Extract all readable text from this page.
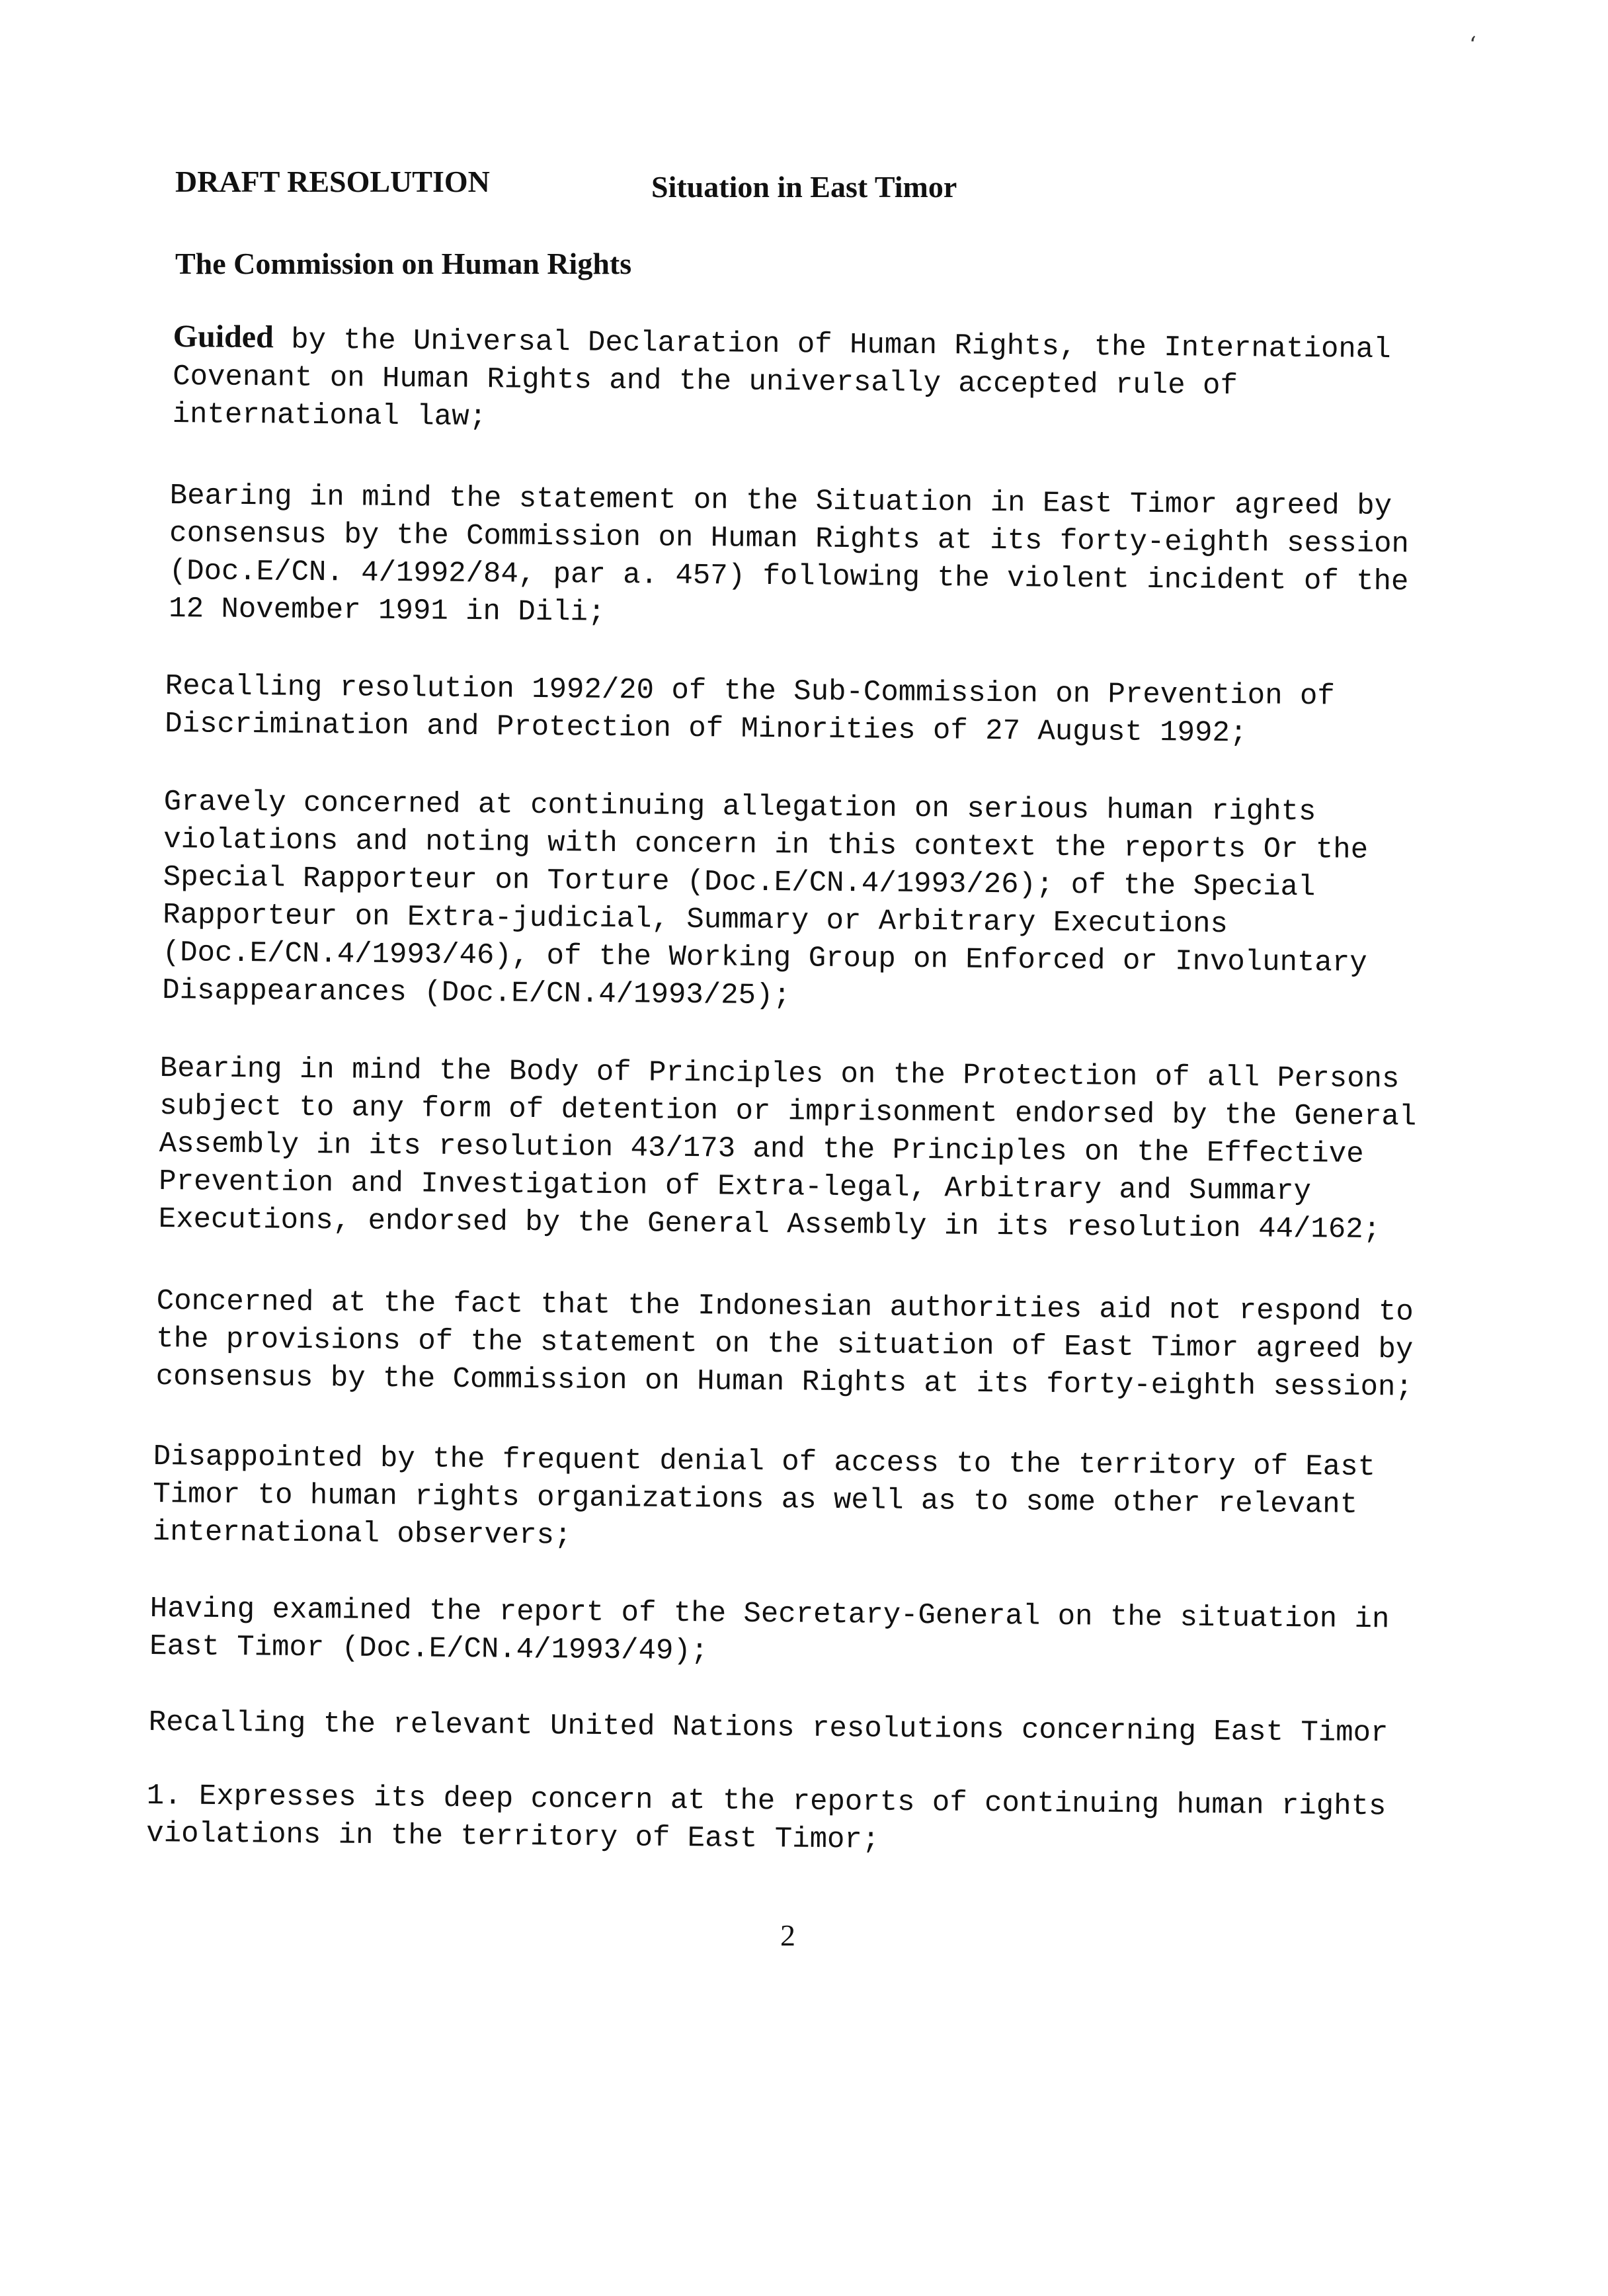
ʻ
DRAFT RESOLUTION	Situation in East Timor
The Commission on Human Rights
Guided by the Universal Declaration of Human Rights, the International
Covenant on Human Rights and the universally accepted rule of
international law;
Bearing in mind the statement on the Situation in East Timor agreed by
consensus by the Commission on Human Rights at its forty-eighth session
(Doc.E/CN. 4/1992/84, par a. 457) following the violent incident of the
12 November 1991 in Dili;
Recalling resolution 1992/20 of the Sub-Commission on Prevention of
Discrimination and Protection of Minorities of 27 August 1992;
Gravely concerned at continuing allegation on serious human rights
violations and noting with concern in this context the reports Or the
Special Rapporteur on Torture (Doc.E/CN.4/1993/26); of the Special
Rapporteur on Extra-judicial, Summary or Arbitrary Executions
(Doc.E/CN.4/1993/46), of the Working Group on Enforced or Involuntary
Disappearances (Doc.E/CN.4/1993/25);
Bearing in mind the Body of Principles on the Protection of all Persons
subject to any form of detention or imprisonment endorsed by the General
Assembly in its resolution 43/173 and the Principles on the Effective
Prevention and Investigation of Extra-legal, Arbitrary and Summary
Executions, endorsed by the General Assembly in its resolution 44/162;
Concerned at the fact that the Indonesian authorities aid not respond to
the provisions of the statement on the situation of East Timor agreed by
consensus by the Commission on Human Rights at its forty-eighth session;
Disappointed by the frequent denial of access to the territory of East
Timor to human rights organizations as well as to some other relevant
international observers;
Having examined the report of the Secretary-General on the situation in
East Timor (Doc.E/CN.4/1993/49);
Recalling the relevant United Nations resolutions concerning East Timor
1. Expresses its deep concern at the reports of continuing human rights
violations in the territory of East Timor;
2
